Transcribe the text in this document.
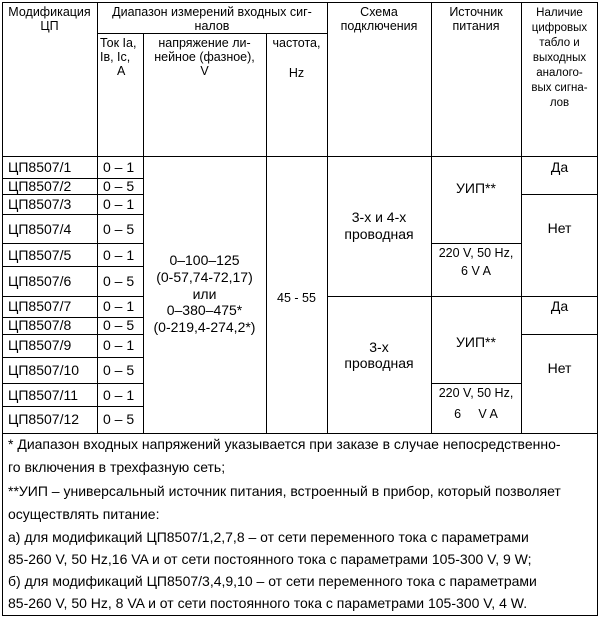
Модификация
ЦП
Диапазон измерений входных сиг-
налов
Ток Iа,
Iв, Iс,
А
напряжение ли-
нейное (фазное),
V
частота,
Hz
Схема
подключения
Источник
питания
Наличие
цифровых
табло и
выходных
аналого-
вых сигна-
лов
ЦП8507/1 0 – 1
ЦП8507/2 0 – 5
ЦП8507/3 0 – 1
ЦП8507/4 0 – 5
ЦП8507/5 0 – 1
ЦП8507/6 0 – 5
ЦП8507/7 0 – 1
ЦП8507/8 0 – 5
ЦП8507/9 0 – 1
ЦП8507/10 0 – 5
ЦП8507/11 0 – 1
ЦП8507/12 0 – 5
0–100–125
(0-57,74-72,17)
или
0–380–475*
(0-219,4-274,2*)
45 - 55
3-х и 4-х
проводная
3-х
проводная
УИП**
220 V, 50 Hz,
6 V A
УИП**
220 V, 50 Hz,
6     V A
Да
Нет
Да
Нет
* Диапазон входных напряжений указывается при заказе в случае непосредственно-
го включения в трехфазную сеть;
**УИП – универсальный источник питания, встроенный в прибор, который позволяет
осуществлять питание:
а) для модификаций ЦП8507/1,2,7,8 – от сети переменного тока с параметрами
85-260 V, 50 Hz,16 VA и от сети постоянного тока с параметрами 105-300 V, 9 W;
б) для модификаций ЦП8507/3,4,9,10 – от сети переменного тока с параметрами
85-260 V, 50 Hz, 8 VA и от сети постоянного тока с параметрами 105-300 V, 4 W.
